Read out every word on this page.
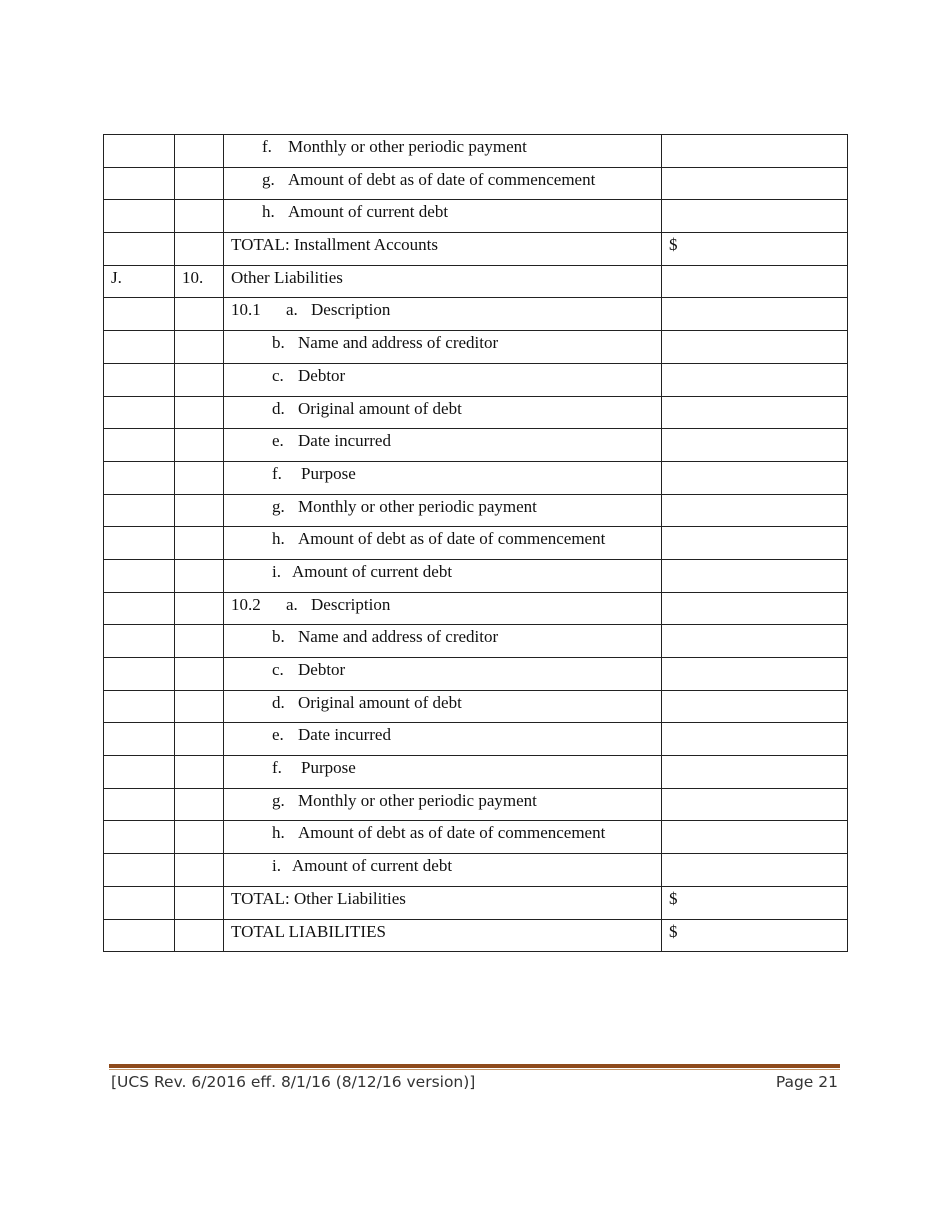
		f. Monthly or other periodic payment	
		g. Amount of debt as of date of commencement	
		h. Amount of current debt	
		TOTAL: Installment Accounts	$
J.	10.	Other Liabilities	
		10.1 a. Description	
		b. Name and address of creditor	
		c. Debtor	
		d. Original amount of debt	
		e. Date incurred	
		f. Purpose	
		g. Monthly or other periodic payment	
		h. Amount of debt as of date of commencement	
		i. Amount of current debt	
		10.2 a. Description	
		b. Name and address of creditor	
		c. Debtor	
		d. Original amount of debt	
		e. Date incurred	
		f. Purpose	
		g. Monthly or other periodic payment	
		h. Amount of debt as of date of commencement	
		i. Amount of current debt	
		TOTAL: Other Liabilities	$
		TOTAL LIABILITIES	$
[UCS Rev. 6/2016 eff. 8/1/16 (8/12/16 version)]	Page 21
